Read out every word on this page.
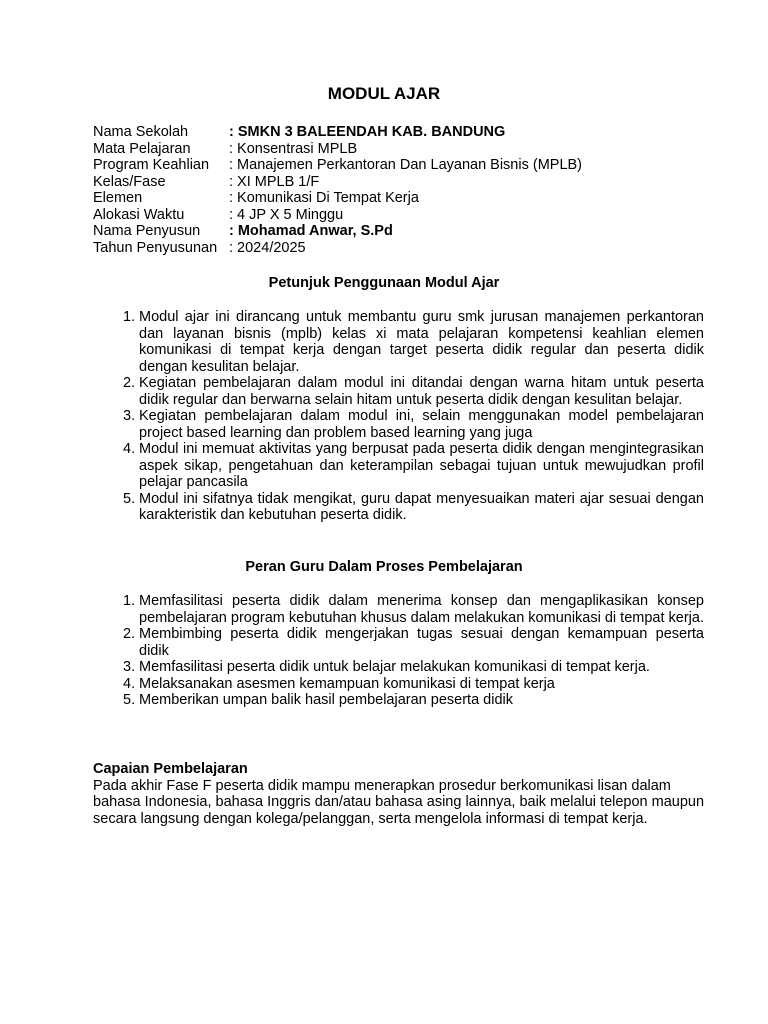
MODUL AJAR
Nama Sekolah	: SMKN 3 BALEENDAH KAB. BANDUNG
Mata Pelajaran	: Konsentrasi MPLB
Program Keahlian	: Manajemen Perkantoran Dan Layanan Bisnis (MPLB)
Kelas/Fase	: XI MPLB 1/F
Elemen	: Komunikasi Di Tempat Kerja
Alokasi Waktu	: 4 JP X 5 Minggu
Nama Penyusun	: Mohamad Anwar, S.Pd
Tahun Penyusunan : 2024/2025
Petunjuk Penggunaan Modul Ajar
1. Modul ajar ini dirancang untuk membantu guru smk jurusan manajemen perkantoran dan layanan bisnis (mplb) kelas xi mata pelajaran kompetensi keahlian elemen komunikasi di tempat kerja dengan target peserta didik regular dan peserta didik dengan kesulitan belajar.
2. Kegiatan pembelajaran dalam modul ini ditandai dengan warna hitam untuk peserta didik regular dan berwarna selain hitam untuk peserta didik dengan kesulitan belajar.
3. Kegiatan pembelajaran dalam modul ini, selain menggunakan model pembelajaran project based learning dan problem based learning yang juga
4. Modul ini memuat aktivitas yang berpusat pada peserta didik dengan mengintegrasikan aspek sikap, pengetahuan dan keterampilan sebagai tujuan untuk mewujudkan profil pelajar pancasila
5. Modul ini sifatnya tidak mengikat, guru dapat menyesuaikan materi ajar sesuai dengan karakteristik dan kebutuhan peserta didik.
Peran Guru Dalam Proses Pembelajaran
1. Memfasilitasi peserta didik dalam menerima konsep dan mengaplikasikan konsep pembelajaran program kebutuhan khusus dalam melakukan komunikasi di tempat kerja.
2. Membimbing peserta didik mengerjakan tugas sesuai dengan kemampuan peserta didik
3. Memfasilitasi peserta didik untuk belajar melakukan komunikasi di tempat kerja.
4. Melaksanakan asesmen kemampuan komunikasi di tempat kerja
5. Memberikan umpan balik hasil pembelajaran peserta didik
Capaian Pembelajaran
Pada akhir Fase F peserta didik mampu menerapkan prosedur berkomunikasi lisan dalam bahasa Indonesia, bahasa Inggris dan/atau bahasa asing lainnya, baik melalui telepon maupun secara langsung dengan kolega/pelanggan, serta mengelola informasi di tempat kerja.
